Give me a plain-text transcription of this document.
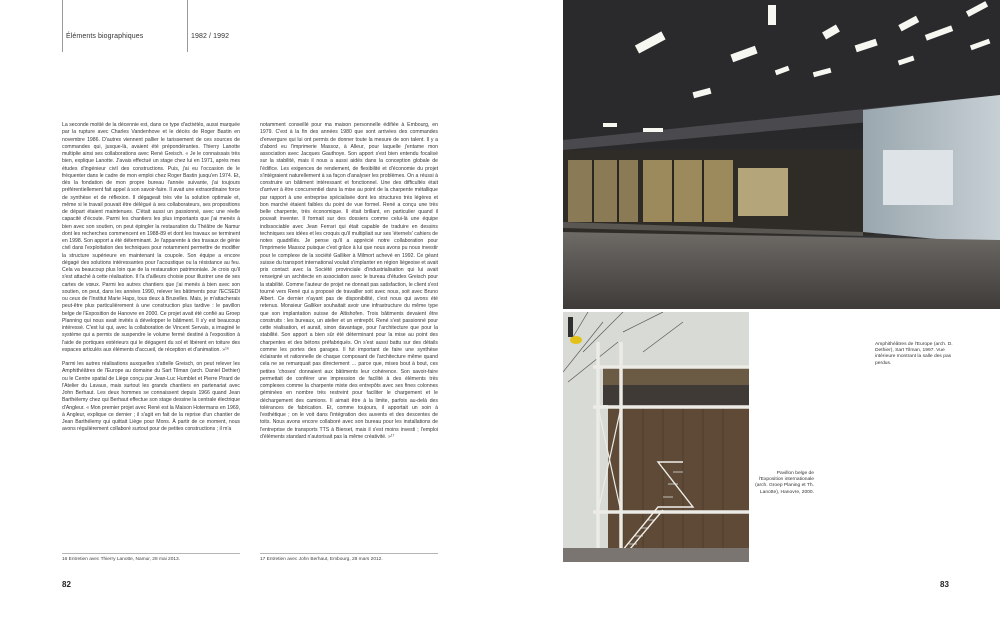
Éléments biographiques	1982 / 1992

La seconde moitié de la décennie est, dans ce type d'activités, aussi marquée par la rupture avec Charles Vandenhove et le décès de Roger Bastin en novembre 1986. D'autres viennent pallier le tarissement de ces sources de commandes qui, jusque-là, avaient été prépondérantes. Thierry Lanotte multiplie ainsi ses collaborations avec René Greisch. « Je le connaissais très bien, explique Lanotte. J'avais effectué un stage chez lui en 1971, après mes études d'ingénieur civil des constructions. Puis, j'ai eu l'occasion de le fréquenter dans le cadre de mon emploi chez Roger Bastin jusqu'en 1974. Et, dès la fondation de mon propre bureau l'année suivante, j'ai toujours préférentiellement fait appel à son savoir-faire. Il avait une extraordinaire force de synthèse et de réflexion. Il dégageait très vite la solution optimale et, même si le travail pouvait être délégué à ses collaborateurs, ses propositions de départ étaient maintenues. C'était aussi un passionné, avec une réelle capacité d'écoute. Parmi les chantiers les plus importants que j'ai menés à bien avec son soutien, on peut épingler la restauration du Théâtre de Namur dont les recherches commencent en 1988-89 et dont les travaux se terminent en 1998. Son apport a été déterminant. Je l'apparente à des travaux de génie civil dans l'exploitation des techniques pour notamment permettre de modifier la structure supérieure en maintenant la coupole. Son équipe a encore dégagé des solutions intéressantes pour l'acoustique ou la résistance au feu. Cela va beaucoup plus loin que de la restauration patrimoniale. Je crois qu'il s'est attaché à cette réalisation. Il l'a d'ailleurs choisie pour illustrer une de ses cartes de vœux. Parmi les autres chantiers que j'ai menés à bien avec son soutien, on peut, dans les années 1990, relever les bâtiments pour l'ECSEDI ou ceux de l'Institut Marie Haps, tous deux à Bruxelles. Mais, je m'attacherais peut-être plus particulièrement à une construction plus tardive : le pavillon belge de l'Exposition de Hanovre en 2000. Ce projet avait été confié au Groep Planning qui nous avait invités à développer le bâtiment. Il s'y est beaucoup intéressé. C'est lui qui, avec la collaboration de Vincent Servais, a imaginé le système qui a permis de suspendre le volume fermé destiné à l'exposition à l'aide de portiques extérieurs qui le dégagent du sol et libèrent en toiture des espaces articulés aux éléments d'accueil, de réception et d'animation. »¹⁶

Parmi les autres réalisations auxquelles s'attelle Greisch, on peut relever les Amphithéâtres de l'Europe au domaine du Sart Tilman (arch. Daniel Dethier) ou le Centre spatial de Liège conçu par Jean-Luc Humblet et Pierre Pirard de l'Atelier du Lavaux, mais surtout les grands chantiers en partenariat avec John Berhaut. Les deux hommes se connaissent depuis 1966 quand Jean Barthélemy chez qui Berhaut effectue son stage dessine la centrale électrique d'Angleur. « Mon premier projet avec René est la Maison Hotermans en 1969, à Angleur, explique ce dernier ; il s'agit en fait de la reprise d'un chantier de Jean Barthélemy qui quittait Liège pour Mons. À partir de ce moment, nous avons régulièrement collaboré surtout pour de petites constructions ; il m'a

notamment conseillé pour ma maison personnelle édifiée à Embourg, en 1979. C'est à la fin des années 1980 que sont arrivées des commandes d'envergure qui lui ont permis de donner toute la mesure de son talent. Il y a d'abord eu l'imprimerie Massoz, à Alleur, pour laquelle j'entame mon association avec Jacques Gauthoye. Son apport s'est bien entendu focalisé sur la stabilité, mais il nous a aussi aidés dans la conception globale de l'édifice. Les exigences de rendement, de flexibilité et d'économie du projet s'intégraient naturellement à sa façon d'analyser les problèmes. On a réussi à construire un bâtiment intéressant et fonctionnel. Une des difficultés était d'arriver à être concurrentiel dans la mise au point de la charpente métallique par rapport à une entreprise spécialisée dont les structures très légères et bon marché étaient faibles du point de vue formel. René a conçu une très belle charpente, très économique. Il était brillant, en particulier quand il pouvait inventer. Il formait sur des dossiers comme celui-là une équipe indissociable avec Jean Ferrari qui était capable de traduire en dessins techniques ses idées et les croquis qu'il multipliait sur ses 'éternels' cahiers de notes quadrillés. Je pense qu'il a apprécié notre collaboration pour l'imprimerie Massoz puisque c'est grâce à lui que nous avons pu nous investir pour le complexe de la société Galliker à Milmort achevé en 1992. Ce géant suisse du transport international voulait s'implanter en région liégeoise et avait pris contact avec la Société provinciale d'industrialisation qui lui avait renseigné un architecte en association avec le bureau d'études Greisch pour la stabilité. Comme l'auteur de projet ne donnait pas satisfaction, le client s'est tourné vers René qui a proposé de travailler soit avec nous, soit avec Bruno Albert. Ce dernier n'ayant pas de disponibilité, c'est nous qui avons été retenus. Monsieur Galliker souhaitait avoir une infrastructure du même type que son implantation suisse de Altishofen. Trois bâtiments devaient être construits : les bureaux, un atelier et un entrepôt. René s'est passionné pour cette réalisation, et aurait, sinon davantage, pour l'architecture que pour la stabilité. Son apport a bien sûr été déterminant pour la mise au point des charpentes et des bétons préfabriqués. On s'est aussi battu sur des détails comme les portes des garages. Il fut important de faire une synthèse éclairante et rationnelle de chaque composant de l'architecture même quand cela ne se remarquait pas directement … parce que, mises bout à bout, ces petites 'choses' donnaient aux bâtiments leur cohérence. Son savoir-faire permettait de conférer une impression de facilité à des éléments très complexes comme la charpente mixte des entrepôts avec ses fines colonnes géminées en nombre très restreint pour faciliter le chargement et le déchargement des camions. Il aimait être à la limite, parfois au-delà des tolérances de fabrication. Et, comme toujours, il apportait un soin à l'esthétique ; on le voit dans l'intégration des auvents et des descentes de toits. Nous avons encore collaboré avec son bureau pour les installations de l'entreprise de transports TTS à Bierset, mais il s'est moins investi ; l'emploi d'éléments standard n'autorisait pas la même créativité. »¹⁷

16 Entretien avec Thierry Lanotte, Namur, 28 mai 2013.	17 Entretien avec John Berhaut, Embourg, 28 mars 2012.
82	83
Amphithéâtres de l'Europe (arch. D. Dethier), Sart Tilman, 1997. Vue intérieure montrant la salle des pas perdus.
Pavillon belge de l'Exposition internationale (arch. Groep Planing et Th. Lanotte), Hanovre, 2000.
